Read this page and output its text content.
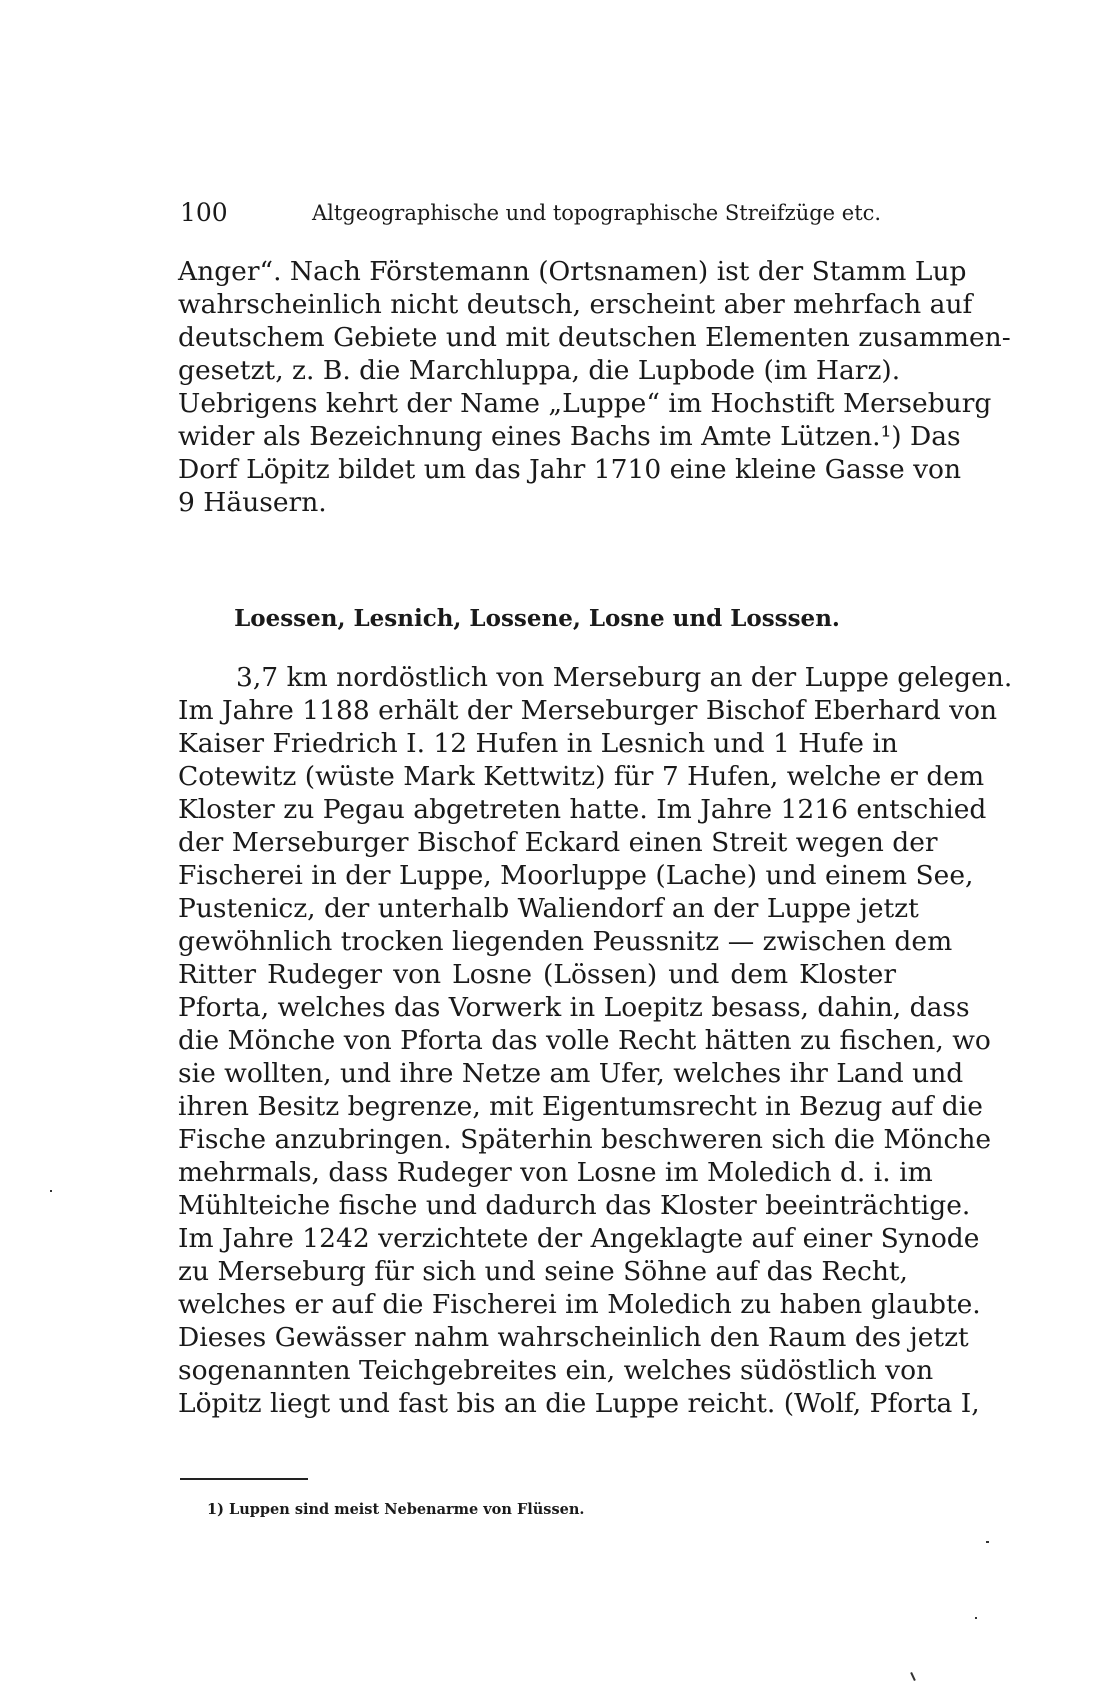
100	Altgeographische und topographische Streifzüge etc.
Anger“. Nach Förstemann (Ortsnamen) ist der Stamm Lup
wahrscheinlich nicht deutsch, erscheint aber mehrfach auf
deutschem Gebiete und mit deutschen Elementen zusammen-
gesetzt, z. B. die Marchluppa, die Lupbode (im Harz).
Uebrigens kehrt der Name „Luppe“ im Hochstift Merseburg
wider als Bezeichnung eines Bachs im Amte Lützen.¹) Das
Dorf Löpitz bildet um das Jahr 1710 eine kleine Gasse von
9 Häusern.
Loessen, Lesnich, Lossene, Losne und Losssen.
3,7 km nordöstlich von Merseburg an der Luppe gelegen.
Im Jahre 1188 erhält der Merseburger Bischof Eberhard von
Kaiser Friedrich I. 12 Hufen in Lesnich und 1 Hufe in
Cotewitz (wüste Mark Kettwitz) für 7 Hufen, welche er dem
Kloster zu Pegau abgetreten hatte. Im Jahre 1216 entschied
der Merseburger Bischof Eckard einen Streit wegen der
Fischerei in der Luppe, Moorluppe (Lache) und einem See,
Pustenicz, der unterhalb Waliendorf an der Luppe jetzt
gewöhnlich trocken liegenden Peussnitz — zwischen dem
Ritter Rudeger von Losne (Lössen) und dem Kloster
Pforta, welches das Vorwerk in Loepitz besass, dahin, dass
die Mönche von Pforta das volle Recht hätten zu fischen, wo
sie wollten, und ihre Netze am Ufer, welches ihr Land und
ihren Besitz begrenze, mit Eigentumsrecht in Bezug auf die
Fische anzubringen. Späterhin beschweren sich die Mönche
mehrmals, dass Rudeger von Losne im Moledich d. i. im
Mühlteiche fische und dadurch das Kloster beeinträchtige.
Im Jahre 1242 verzichtete der Angeklagte auf einer Synode
zu Merseburg für sich und seine Söhne auf das Recht,
welches er auf die Fischerei im Moledich zu haben glaubte.
Dieses Gewässer nahm wahrscheinlich den Raum des jetzt
sogenannten Teichgebreites ein, welches südöstlich von
Löpitz liegt und fast bis an die Luppe reicht. (Wolf, Pforta I,
1) Luppen sind meist Nebenarme von Flüssen.
